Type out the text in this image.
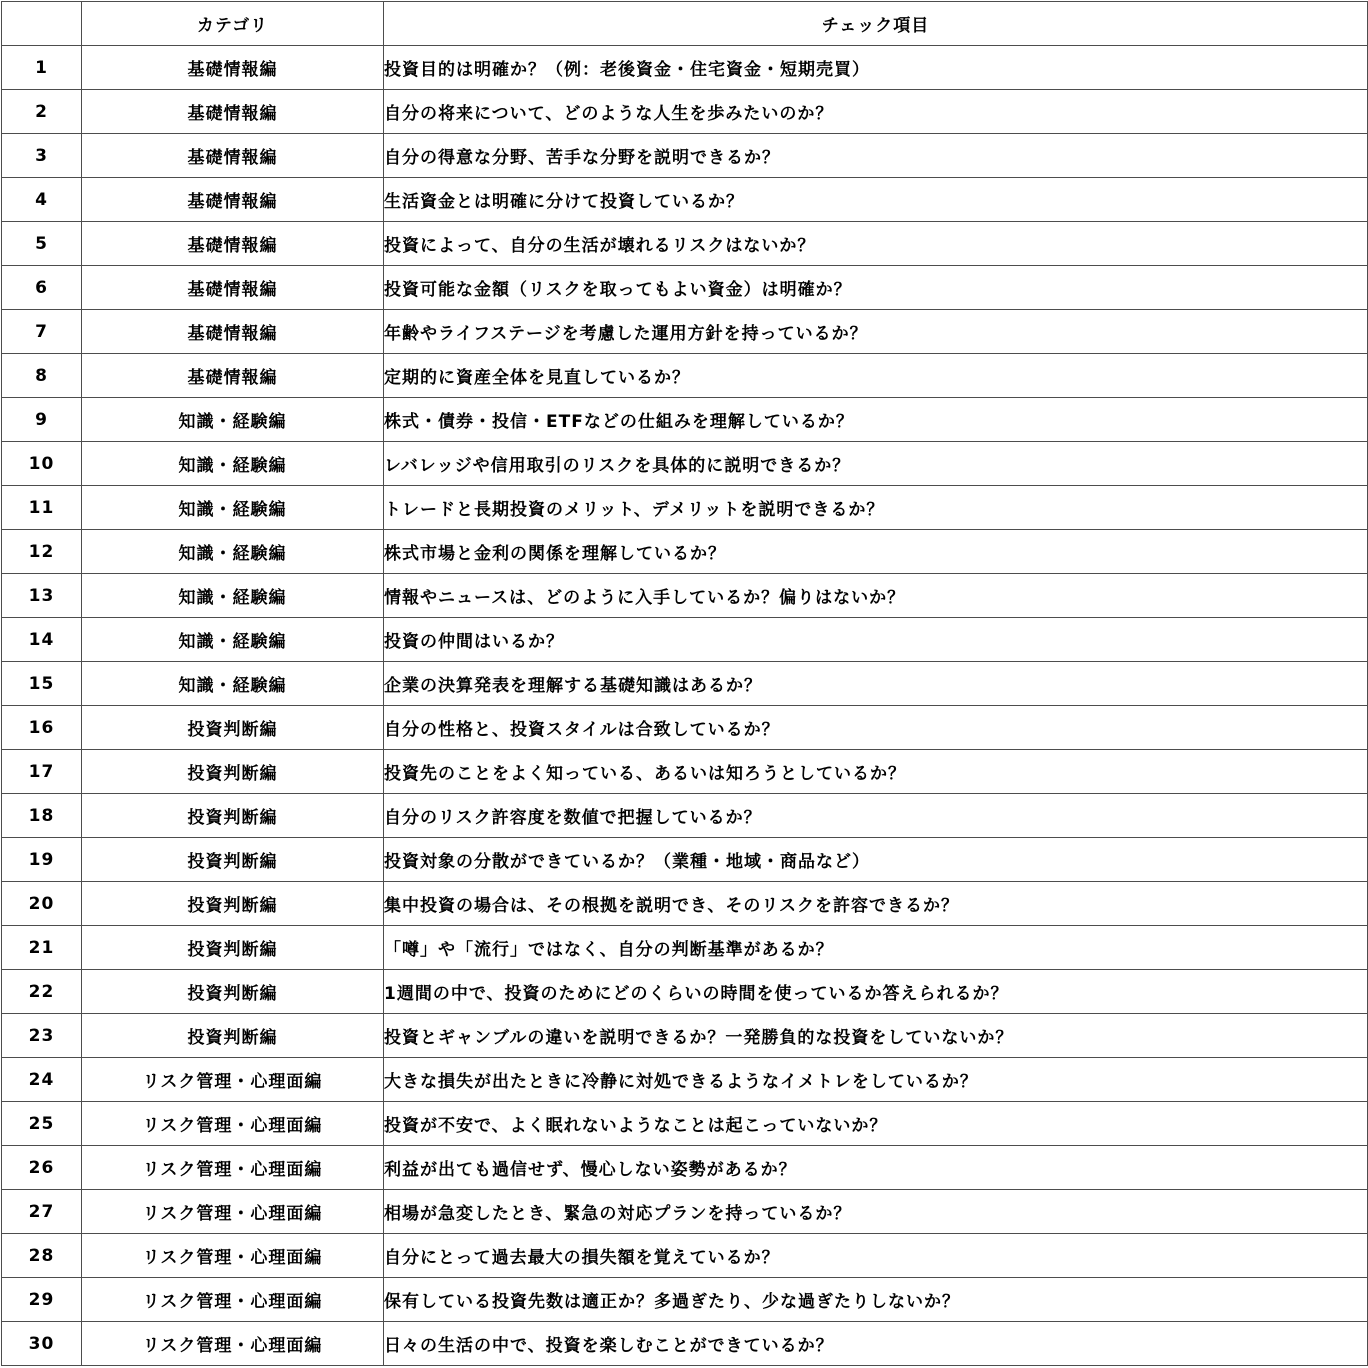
	カテゴリ	チェック項目
1	基礎情報編	投資目的は明確か？（例：老後資金・住宅資金・短期売買）
2	基礎情報編	自分の将来について、どのような人生を歩みたいのか？
3	基礎情報編	自分の得意な分野、苦手な分野を説明できるか？
4	基礎情報編	生活資金とは明確に分けて投資しているか？
5	基礎情報編	投資によって、自分の生活が壊れるリスクはないか？
6	基礎情報編	投資可能な金額（リスクを取ってもよい資金）は明確か？
7	基礎情報編	年齢やライフステージを考慮した運用方針を持っているか？
8	基礎情報編	定期的に資産全体を見直しているか？
9	知識・経験編	株式・債券・投信・ETFなどの仕組みを理解しているか？
10	知識・経験編	レバレッジや信用取引のリスクを具体的に説明できるか？
11	知識・経験編	トレードと長期投資のメリット、デメリットを説明できるか？
12	知識・経験編	株式市場と金利の関係を理解しているか？
13	知識・経験編	情報やニュースは、どのように入手しているか？偏りはないか？
14	知識・経験編	投資の仲間はいるか？
15	知識・経験編	企業の決算発表を理解する基礎知識はあるか？
16	投資判断編	自分の性格と、投資スタイルは合致しているか？
17	投資判断編	投資先のことをよく知っている、あるいは知ろうとしているか？
18	投資判断編	自分のリスク許容度を数値で把握しているか？
19	投資判断編	投資対象の分散ができているか？（業種・地域・商品など）
20	投資判断編	集中投資の場合は、その根拠を説明でき、そのリスクを許容できるか？
21	投資判断編	「噂」や「流行」ではなく、自分の判断基準があるか？
22	投資判断編	1週間の中で、投資のためにどのくらいの時間を使っているか答えられるか？
23	投資判断編	投資とギャンブルの違いを説明できるか？一発勝負的な投資をしていないか？
24	リスク管理・心理面編	大きな損失が出たときに冷静に対処できるようなイメトレをしているか？
25	リスク管理・心理面編	投資が不安で、よく眠れないようなことは起こっていないか？
26	リスク管理・心理面編	利益が出ても過信せず、慢心しない姿勢があるか？
27	リスク管理・心理面編	相場が急変したとき、緊急の対応プランを持っているか？
28	リスク管理・心理面編	自分にとって過去最大の損失額を覚えているか？
29	リスク管理・心理面編	保有している投資先数は適正か？多過ぎたり、少な過ぎたりしないか？
30	リスク管理・心理面編	日々の生活の中で、投資を楽しむことができているか？
